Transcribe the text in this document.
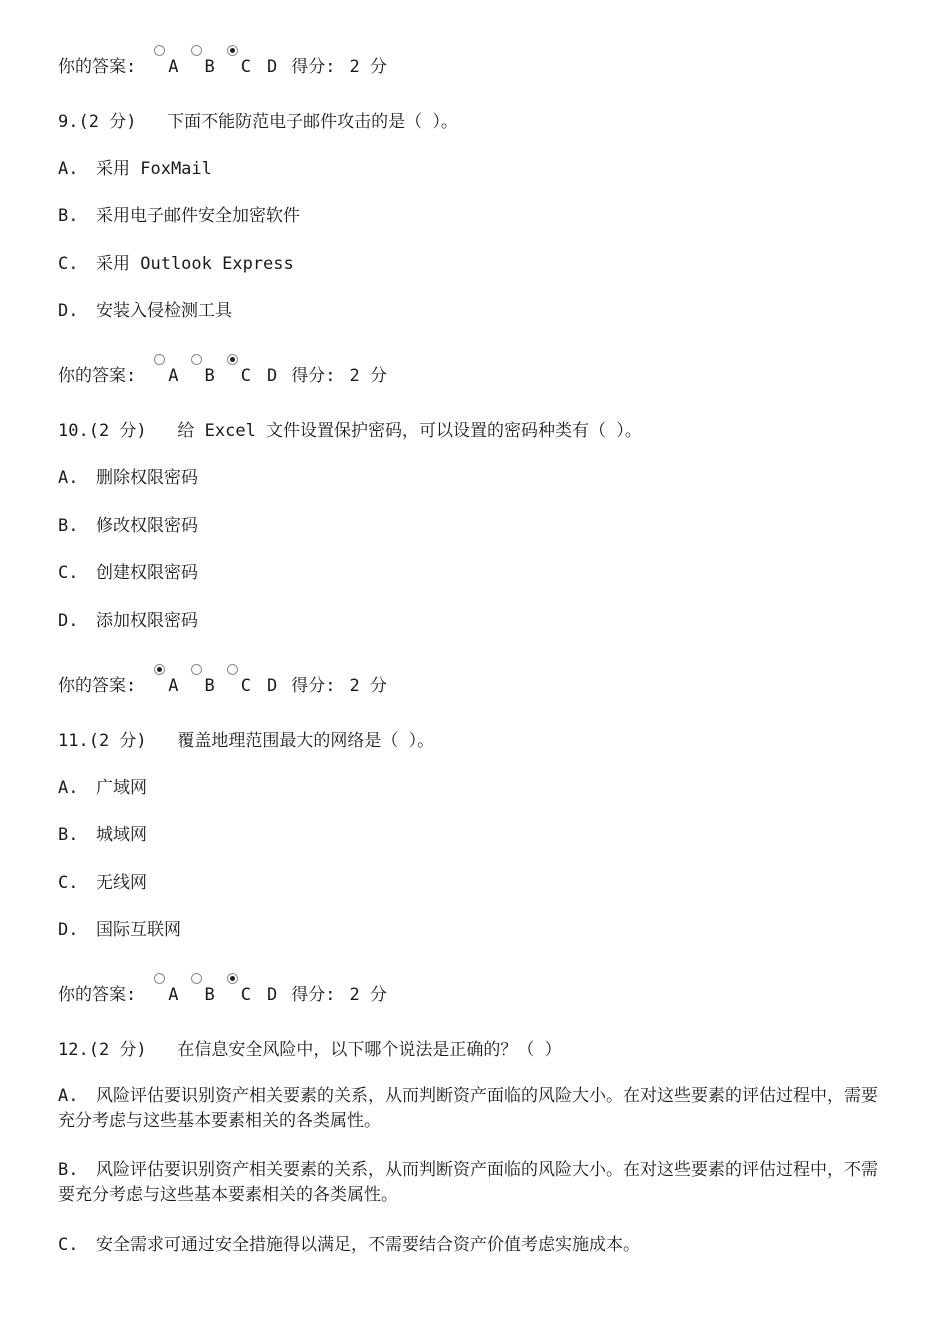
你的答案: A B C D 得分: 2 分
9.(2 分) 下面不能防范电子邮件攻击的是（ ）。
A. 采用 FoxMail
B. 采用电子邮件安全加密软件
C. 采用 Outlook Express
D. 安装入侵检测工具
你的答案: A B C D 得分: 2 分
10.(2 分) 给 Excel 文件设置保护密码，可以设置的密码种类有（ ）。
A. 删除权限密码
B. 修改权限密码
C. 创建权限密码
D. 添加权限密码
你的答案: A B C D 得分: 2 分
11.(2 分) 覆盖地理范围最大的网络是（ ）。
A. 广域网
B. 城域网
C. 无线网
D. 国际互联网
你的答案: A B C D 得分: 2 分
12.(2 分) 在信息安全风险中，以下哪个说法是正确的？（ ）
A. 风险评估要识别资产相关要素的关系，从而判断资产面临的风险大小。在对这些要素的评估过程中，需要充分考虑与这些基本要素相关的各类属性。
B. 风险评估要识别资产相关要素的关系，从而判断资产面临的风险大小。在对这些要素的评估过程中，不需要充分考虑与这些基本要素相关的各类属性。
C. 安全需求可通过安全措施得以满足，不需要结合资产价值考虑实施成本。
